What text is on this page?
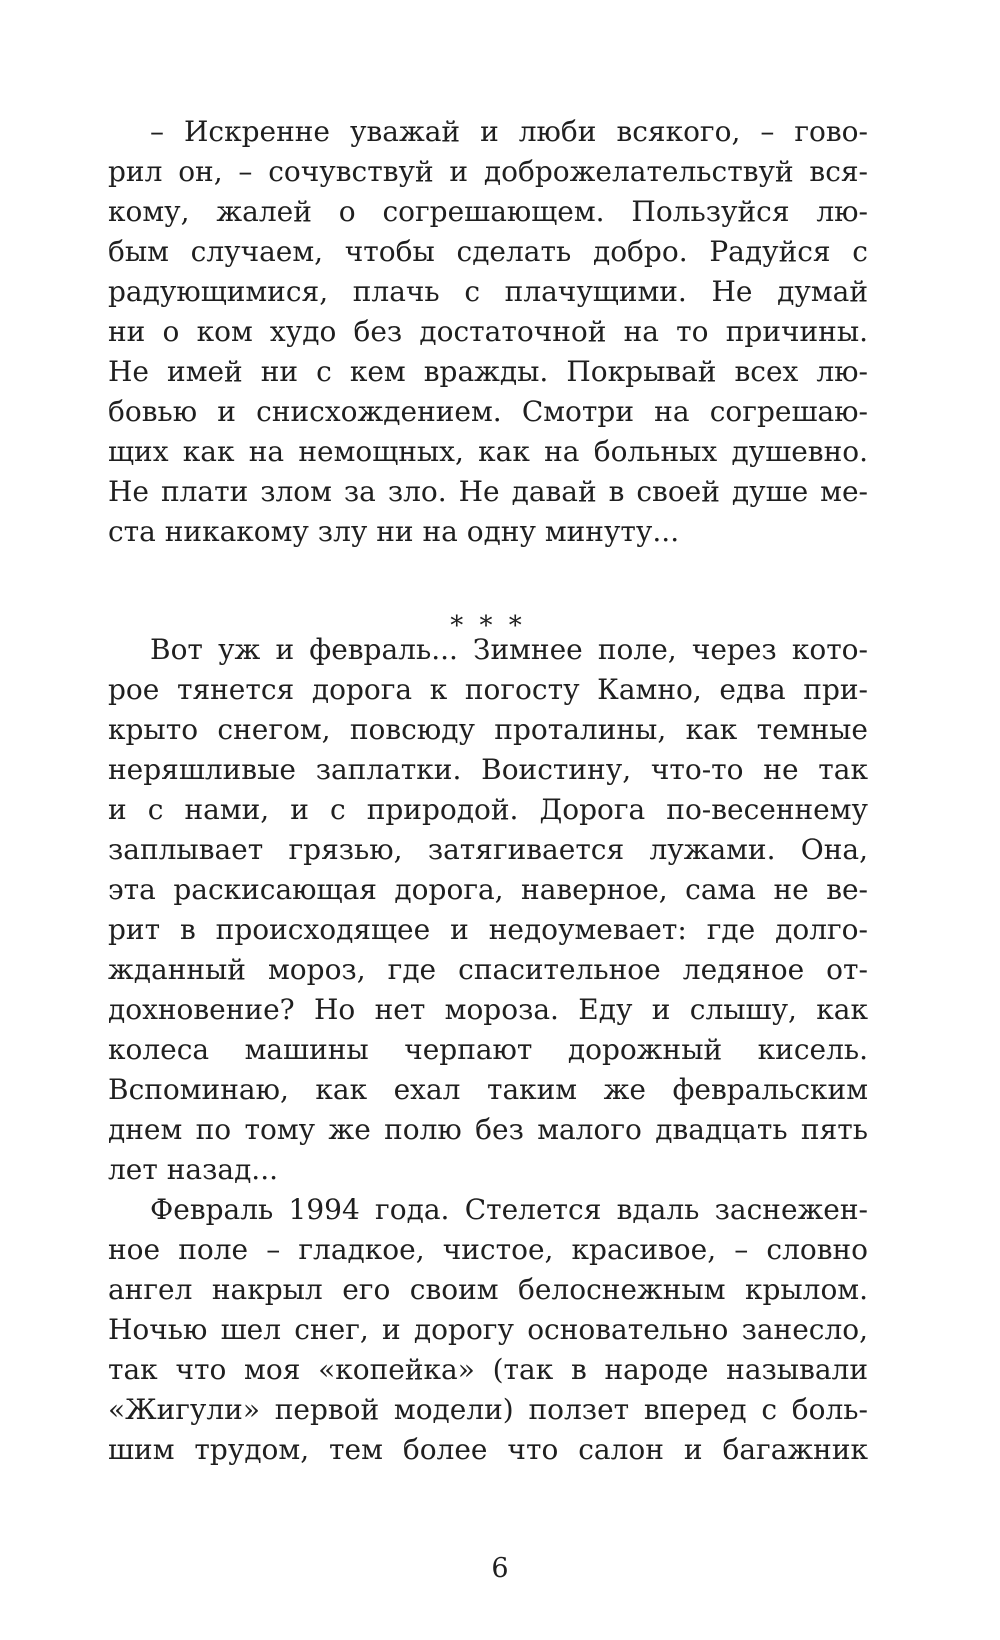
– Искренне уважай и люби всякого, – гово-
рил он, – сочувствуй и доброжелательствуй вся-
кому, жалей о согрешающем. Пользуйся лю-
бым случаем, чтобы сделать добро. Радуйся с
радующимися, плачь с плачущими. Не думай
ни о ком худо без достаточной на то причины.
Не имей ни с кем вражды. Покрывай всех лю-
бовью и снисхождением. Смотри на согрешаю-
щих как на немощных, как на больных душевно.
Не плати злом за зло. Не давай в своей душе ме-
ста никакому злу ни на одну минуту...
* * *
Вот уж и февраль... Зимнее поле, через кото-
рое тянется дорога к погосту Камно, едва при-
крыто снегом, повсюду проталины, как темные
неряшливые заплатки. Воистину, что-то не так
и с нами, и с природой. Дорога по-весеннему
заплывает грязью, затягивается лужами. Она,
эта раскисающая дорога, наверное, сама не ве-
рит в происходящее и недоумевает: где долго-
жданный мороз, где спасительное ледяное от-
дохновение? Но нет мороза. Еду и слышу, как
колеса машины черпают дорожный кисель.
Вспоминаю, как ехал таким же февральским
днем по тому же полю без малого двадцать пять
лет назад...
Февраль 1994 года. Стелется вдаль заснежен-
ное поле – гладкое, чистое, красивое, – словно
ангел накрыл его своим белоснежным крылом.
Ночью шел снег, и дорогу основательно занесло,
так что моя «копейка» (так в народе называли
«Жигули» первой модели) ползет вперед с боль-
шим трудом, тем более что салон и багажник
6
